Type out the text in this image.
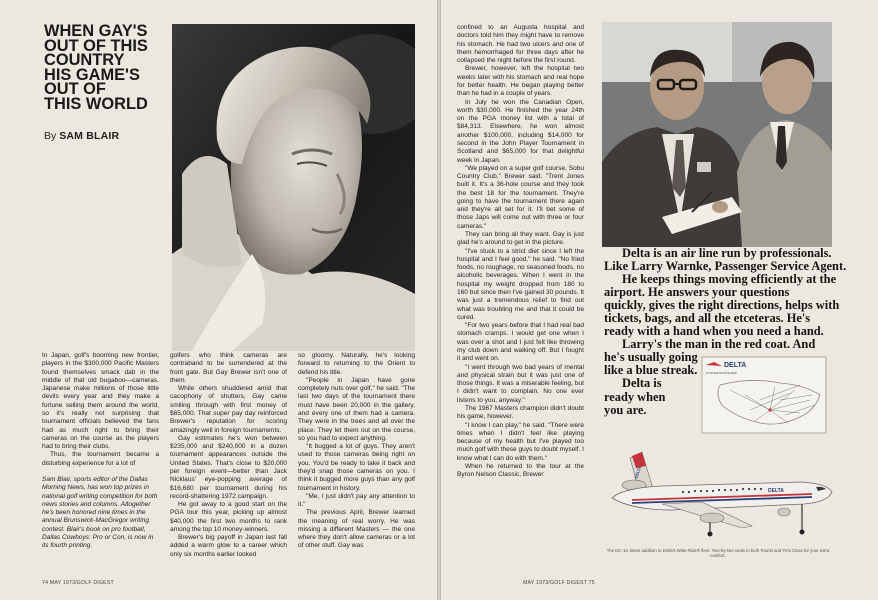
WHEN GAY'S
OUT OF THIS
COUNTRY
HIS GAME'S
OUT OF
THIS WORLD
By SAM BLAIR

In Japan, golf's booming new frontier, players in the $300,000 Pacific Masters found themselves smack dab in the middle of that old bugaboo—cameras. Japanese make millions of those little devils every year and they make a fortune selling them around the world, so it's really not surprising that tournament officials believed the fans had as much right to bring their cameras on the course as the players had to bring their clubs.

Thus, the tournament became a disturbing experience for a lot of

Sam Blair, sports editor of the Dallas Morning News, has won top prizes in national golf writing competition for both news stories and columns. Altogether he's been honored nine times in the annual Brunswick-MacGregor writing contest. Blair's book on pro football, Dallas Cowboys: Pro or Con, is now in its fourth printing.

golfers who think cameras are contraband to be surrendered at the front gate. But Gay Brewer isn't one of them.

While others shuddered amid that cacophony of shutters, Gay came smiling through with first money of $65,000. That super pay day reinforced Brewer's reputation for scoring amazingly well in foreign tournaments.

Gay estimates he's won between $235,000 and $240,000 in a dozen tournament appearances outside the United States. That's close to $20,000 per foreign event—better than Jack Nicklaus' eye-popping average of $16,680 per tournament during his record-shattering 1972 campaign.

He got away to a good start on the PGA tour this year, picking up almost $40,000 the first two months to rank among the top 10 money-winners.

Brewer's big payoff in Japan last fall added a warm glow to a career which only six months earlier looked

so gloomy. Naturally, he's looking forward to returning to the Orient to defend his title.

"People in Japan have gone completely nuts over golf," he said. "The last two days of the tournament there must have been 20,000 in the gallery, and every one of them had a camera. They were in the trees and all over the place. They let them out on the course, so you had to expect anything.

"It bugged a lot of guys. They aren't used to those cameras being right on you. You'd be ready to take it back and they'd snap those cameras on you. I think it bugged more guys than any golf tournament in history.

"Me, I just didn't pay any attention to it."

The previous April, Brewer learned the meaning of real worry. He was missing a different Masters — the one where they don't allow cameras or a lot of other stuff. Gay was

74 MAY 1973/GOLF DIGEST

confined to an Augusta hospital and doctors told him they might have to remove his stomach. He had two ulcers and one of them hemorrhaged for three days after he collapsed the night before the first round.

Brewer, however, left the hospital two weeks later with his stomach and real hope for better health. He began playing better than he had in a couple of years.

In July he won the Canadian Open, worth $30,000. He finished the year 24th on the PGA money list with a total of $84,313. Elsewhere, he won almost another $100,000, including $14,000 for second in the John Player Tournament in Scotland and $65,000 for that delightful week in Japan.

"We played on a super golf course, Sobu Country Club," Brewer said. "Trent Jones built it. It's a 36-hole course and they took the best 18 for the tournament. They're going to have the tournament there again and they're all set for it. I'll bet some of those Japs will come out with three or four cameras."

They can bring all they want. Gay is just glad he's around to get in the picture.

"I've stuck to a strict diet since I left the hospital and I feel good," he said. "No fried foods, no roughage, no seasoned foods, no alcoholic beverages. When I went in the hospital my weight dropped from 180 to 160 but since then I've gained 30 pounds. It was just a tremendous relief to find out what was troubling me and that it could be cured.

"For two years before that I had real bad stomach cramps. I would get one when I was over a shot and I just felt like throwing my club down and walking off. But I fought it and went on.

"I went through two bad years of mental and physical strain but it was just one of those things. It was a miserable feeling, but I didn't want to complain. No one ever listens to you, anyway."

The 1967 Masters champion didn't doubt his game, however.

"I know I can play," he said. "There were times when I didn't feel like playing because of my health but I've played too much golf with these guys to doubt myself. I know what I can do with them."

When he returned to the tour at the Byron Nelson Classic, Brewer

MAY 1973/GOLF DIGEST 75
Delta is an air line run by professionals.
Like Larry Warnke, Passenger Service Agent.
He keeps things moving efficiently at the
airport. He answers your questions
quickly, gives the right directions, helps with
tickets, bags, and all the etceteras. He's
ready with a hand when you need a hand.
Larry's the man in the red coat. And
he's usually going
like a blue streak.
Delta is
ready when
you are.
DELTA
SYSTEM ROUTE MAP
DELTA
DELTA
The DC-10, latest addition to Delta's Wide-Ride® fleet. Two-by-two seats in both Tourist and First Class for your extra comfort.
